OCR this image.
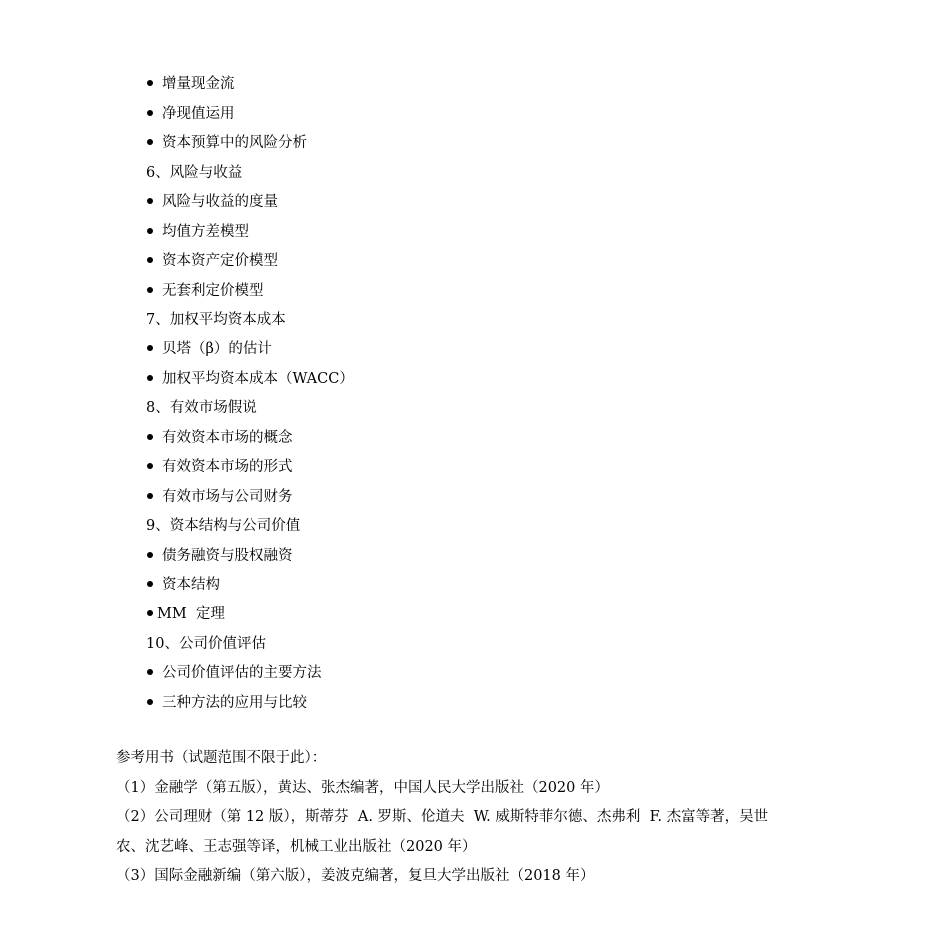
增量现金流
净现值运用
资本预算中的风险分析
6、风险与收益
风险与收益的度量
均值方差模型
资本资产定价模型
无套利定价模型
7、加权平均资本成本
贝塔（β）的估计
加权平均资本成本（WACC）
8、有效市场假说
有效资本市场的概念
有效资本市场的形式
有效市场与公司财务
9、资本结构与公司价值
债务融资与股权融资
资本结构
MM  定理
10、公司价值评估
公司价值评估的主要方法
三种方法的应用与比较
参考用书（试题范围不限于此）：
（1）金融学（第五版），黄达、张杰编著，中国人民大学出版社（2020 年）
（2）公司理财（第 12 版），斯蒂芬  A. 罗斯、伦道夫  W. 威斯特菲尔德、杰弗利  F. 杰富等著，吴世
农、沈艺峰、王志强等译，机械工业出版社（2020 年）
（3）国际金融新编（第六版），姜波克编著，复旦大学出版社（2018 年）
